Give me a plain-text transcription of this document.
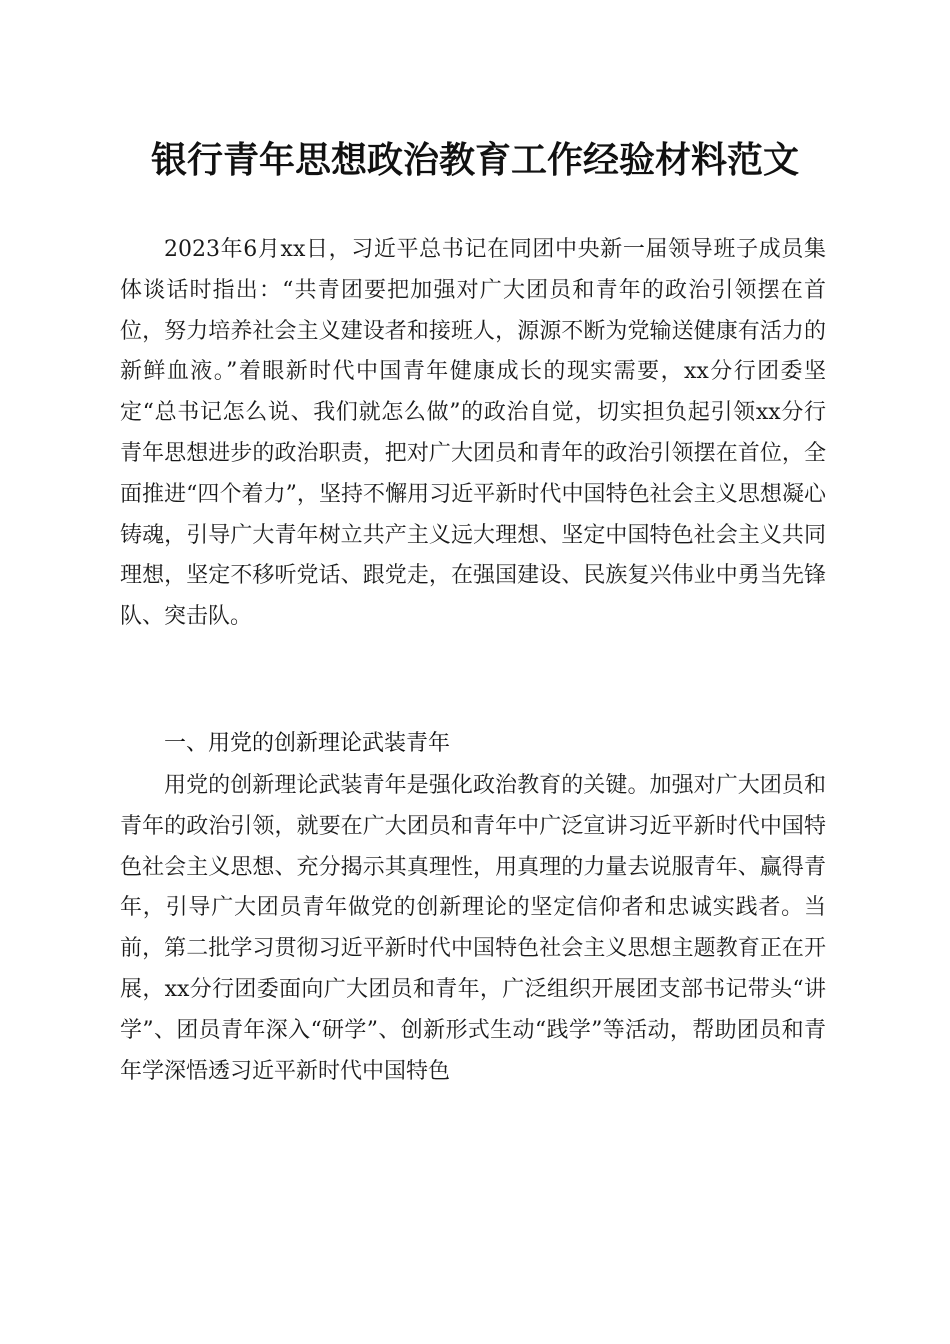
银行青年思想政治教育工作经验材料范文

2023年6月xx日，习近平总书记在同团中央新一届领导班子成员集体谈话时指出：“共青团要把加强对广大团员和青年的政治引领摆在首位，努力培养社会主义建设者和接班人，源源不断为党输送健康有活力的新鲜血液。”着眼新时代中国青年健康成长的现实需要，xx分行团委坚定“总书记怎么说、我们就怎么做”的政治自觉，切实担负起引领xx分行青年思想进步的政治职责，把对广大团员和青年的政治引领摆在首位，全面推进“四个着力”，坚持不懈用习近平新时代中国特色社会主义思想凝心铸魂，引导广大青年树立共产主义远大理想、坚定中国特色社会主义共同理想，坚定不移听党话、跟党走，在强国建设、民族复兴伟业中勇当先锋队、突击队。

一、用党的创新理论武装青年

用党的创新理论武装青年是强化政治教育的关键。加强对广大团员和青年的政治引领，就要在广大团员和青年中广泛宣讲习近平新时代中国特色社会主义思想、充分揭示其真理性，用真理的力量去说服青年、赢得青年，引导广大团员青年做党的创新理论的坚定信仰者和忠诚实践者。当前，第二批学习贯彻习近平新时代中国特色社会主义思想主题教育正在开展，xx分行团委面向广大团员和青年，广泛组织开展团支部书记带头“讲学”、团员青年深入“研学”、创新形式生动“践学”等活动，帮助团员和青年学深悟透习近平新时代中国特色
